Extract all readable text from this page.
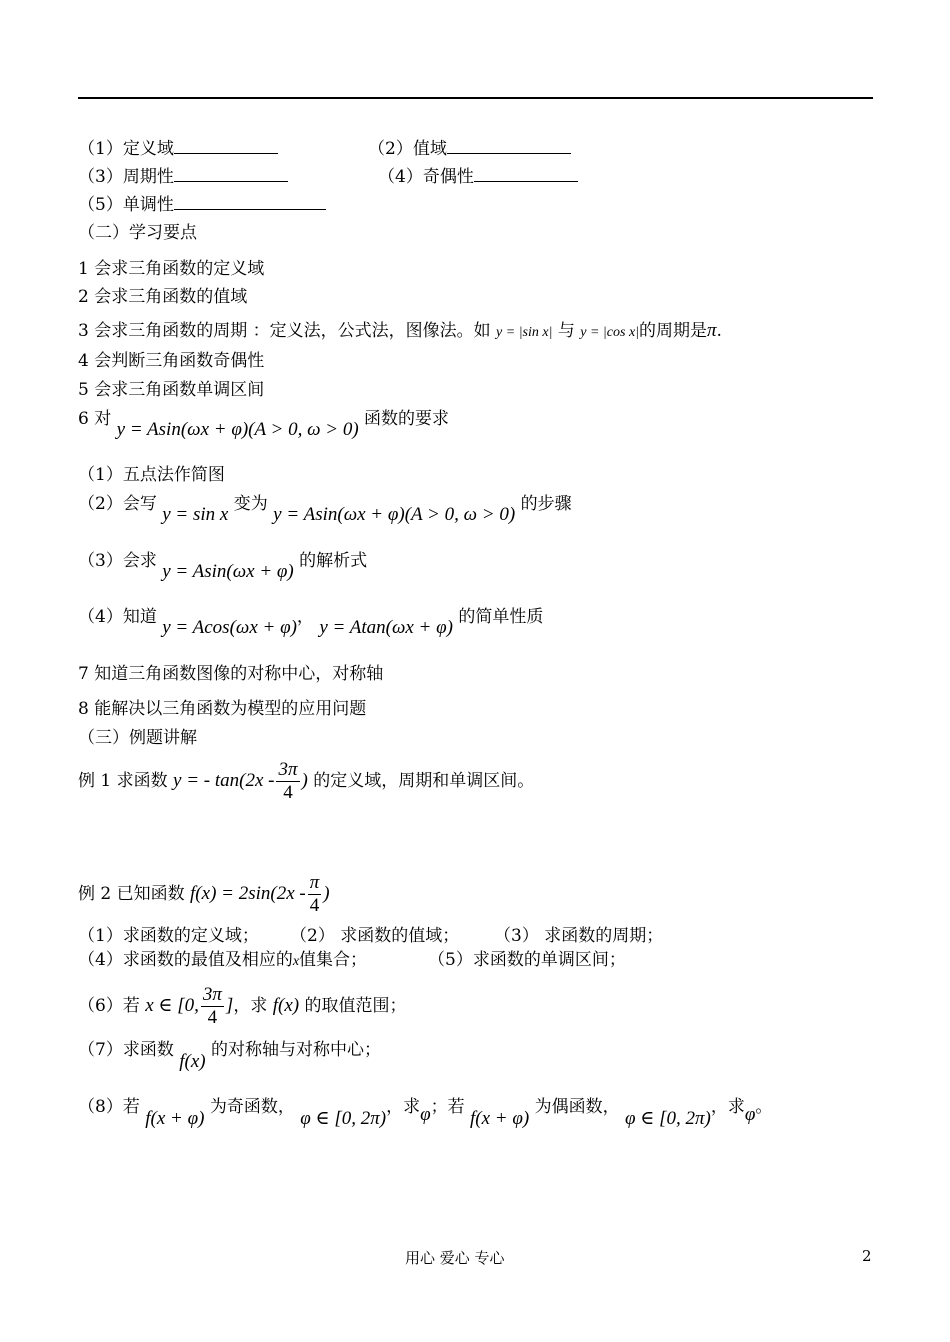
（1）定义域	（2）值域
（3）周期性	（4）奇偶性
（5）单调性
（二）学习要点
1 会求三角函数的定义域
2 会求三角函数的值域
3 会求三角函数的周期 ：定义法，公式法，图像法。如 y = |sin x| 与 y = |cos x|的周期是π.
4 会判断三角函数奇偶性
5 会求三角函数单调区间
6 对 y = Asin(ωx + φ)(A > 0, ω > 0) 函数的要求
（1）五点法作简图
（2）会写 y = sin x 变为 y = Asin(ωx + φ)(A > 0, ω > 0) 的步骤
（3）会求 y = Asin(ωx + φ) 的解析式
（4）知道 y = Acos(ωx + φ)， y = Atan(ωx + φ) 的简单性质
7 知道三角函数图像的对称中心，对称轴
8 能解决以三角函数为模型的应用问题
（三）例题讲解
例 1 求函数 y = - $\tan(2x - \frac{3\pi}{4}$ ) 的定义域，周期和单调区间。
例 2 已知函数 $f(x) = 2\sin(2x - \frac{\pi}{4}$ )
（1）求函数的定义域； （2） 求函数的值域； （3） 求函数的周期；
（4）求函数的最值及相应的x值集合；	（5）求函数的单调区间；
（6）若 x ∈ [0, $\frac{3\pi}{4}$ ]，求 f(x) 的取值范围；
（7）求函数 f(x) 的对称轴与对称中心；
（8）若 f(x + φ) 为奇函数， φ ∈ [0, 2π)，求φ；若 f(x + φ) 为偶函数， φ ∈ [0, 2π)，求φ。
用心 爱心 专心	2
